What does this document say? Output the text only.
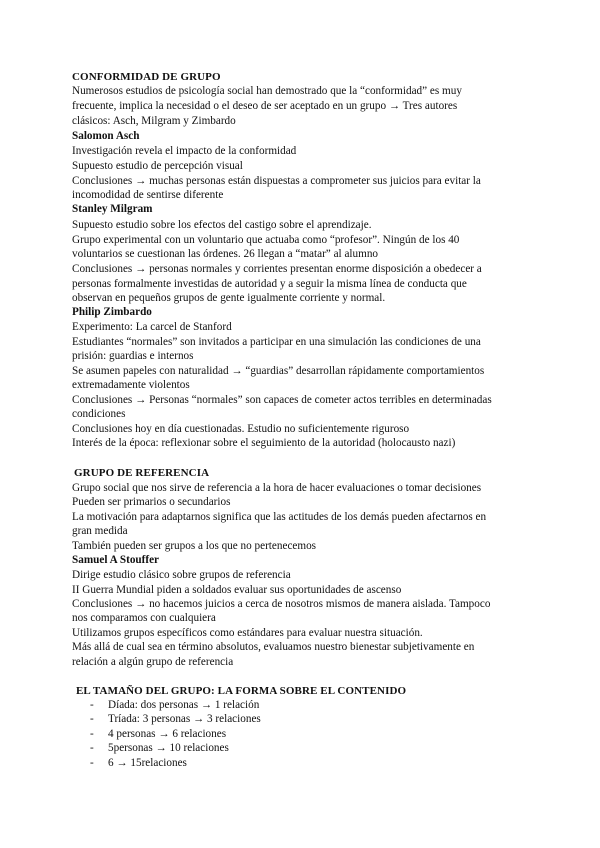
CONFORMIDAD DE GRUPO
Numerosos estudios de psicología social han demostrado que la “conformidad” es muy
frecuente, implica la necesidad o el deseo de ser aceptado en un grupo → Tres autores
clásicos: Asch, Milgram y Zimbardo
Salomon Asch
Investigación revela el impacto de la conformidad
Supuesto estudio de percepción visual
Conclusiones → muchas personas están dispuestas a comprometer sus juicios para evitar la
incomodidad de sentirse diferente
Stanley Milgram
Supuesto estudio sobre los efectos del castigo sobre el aprendizaje.
Grupo experimental con un voluntario que actuaba como “profesor”. Ningún de los 40
voluntarios se cuestionan las órdenes. 26 llegan a “matar” al alumno
Conclusiones → personas normales y corrientes presentan enorme disposición a obedecer a
personas formalmente investidas de autoridad y a seguir la misma línea de conducta que
observan en pequeños grupos de gente igualmente corriente y normal.
Philip Zimbardo
Experimento: La carcel de Stanford
Estudiantes “normales” son invitados a participar en una simulación las condiciones de una
prisión: guardias e internos
Se asumen papeles con naturalidad → “guardias” desarrollan rápidamente comportamientos
extremadamente violentos
Conclusiones → Personas “normales” son capaces de cometer actos terribles en determinadas
condiciones
Conclusiones hoy en día cuestionadas. Estudio no suficientemente riguroso
Interés de la época: reflexionar sobre el seguimiento de la autoridad (holocausto nazi)
GRUPO DE REFERENCIA
Grupo social que nos sirve de referencia a la hora de hacer evaluaciones o tomar decisiones
Pueden ser primarios o secundarios
La motivación para adaptarnos significa que las actitudes de los demás pueden afectarnos en
gran medida
También pueden ser grupos a los que no pertenecemos
Samuel A Stouffer
Dirige estudio clásico sobre grupos de referencia
II Guerra Mundial piden a soldados evaluar sus oportunidades de ascenso
Conclusiones → no hacemos juicios a cerca de nosotros mismos de manera aislada. Tampoco
nos comparamos con cualquiera
Utilizamos grupos específicos como estándares para evaluar nuestra situación.
Más allá de cual sea en término absolutos, evaluamos nuestro bienestar subjetivamente en
relación a algún grupo de referencia
EL TAMAÑO DEL GRUPO: LA FORMA SOBRE EL CONTENIDO
- Díada: dos personas → 1 relación
- Tríada: 3 personas → 3 relaciones
- 4 personas → 6 relaciones
- 5personas → 10 relaciones
- 6 → 15relaciones
